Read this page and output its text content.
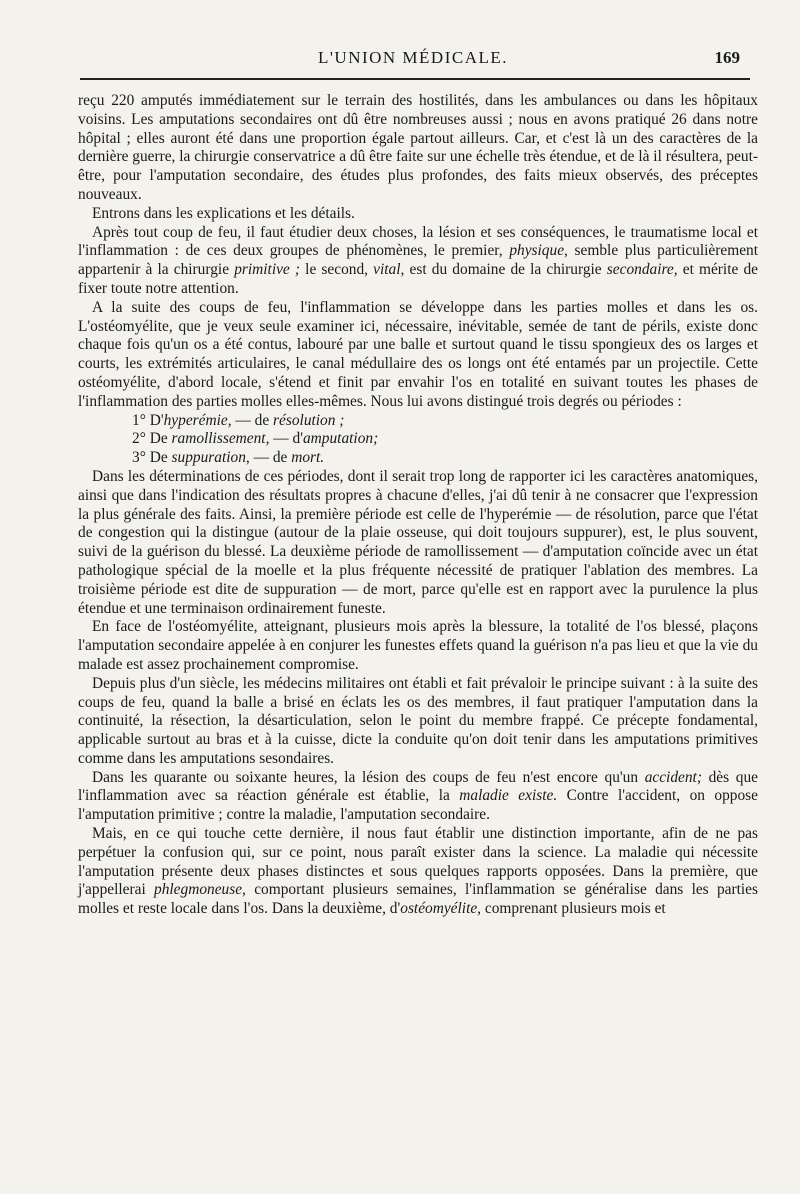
L'UNION MÉDICALE.	169

reçu 220 amputés immédiatement sur le terrain des hostilités, dans les ambulances ou dans les hôpitaux voisins. Les amputations secondaires ont dû être nombreuses aussi ; nous en avons pratiqué 26 dans notre hôpital ; elles auront été dans une proportion égale partout ailleurs. Car, et c'est là un des caractères de la dernière guerre, la chirurgie conservatrice a dû être faite sur une échelle très étendue, et de là il résultera, peut-être, pour l'amputation secondaire, des études plus profondes, des faits mieux observés, des préceptes nouveaux.

Entrons dans les explications et les détails.

Après tout coup de feu, il faut étudier deux choses, la lésion et ses conséquences, le traumatisme local et l'inflammation : de ces deux groupes de phénomènes, le premier, physique, semble plus particulièrement appartenir à la chirurgie primitive ; le second, vital, est du domaine de la chirurgie secondaire, et mérite de fixer toute notre attention.

A la suite des coups de feu, l'inflammation se développe dans les parties molles et dans les os. L'ostéomyélite, que je veux seule examiner ici, nécessaire, inévitable, semée de tant de périls, existe donc chaque fois qu'un os a été contus, labouré par une balle et surtout quand le tissu spongieux des os larges et courts, les extrémités articulaires, le canal médullaire des os longs ont été entamés par un projectile. Cette ostéomyélite, d'abord locale, s'étend et finit par envahir l'os en totalité en suivant toutes les phases de l'inflammation des parties molles elles-mêmes. Nous lui avons distingué trois degrés ou périodes :

1° D'hyperémie, — de résolution ;
2° De ramollissement, — d'amputation;
3° De suppuration, — de mort.

Dans les déterminations de ces périodes, dont il serait trop long de rapporter ici les caractères anatomiques, ainsi que dans l'indication des résultats propres à chacune d'elles, j'ai dû tenir à ne consacrer que l'expression la plus générale des faits. Ainsi, la première période est celle de l'hyperémie — de résolution, parce que l'état de congestion qui la distingue (autour de la plaie osseuse, qui doit toujours suppurer), est, le plus souvent, suivi de la guérison du blessé. La deuxième période de ramollissement — d'amputation coïncide avec un état pathologique spécial de la moelle et la plus fréquente nécessité de pratiquer l'ablation des membres. La troisième période est dite de suppuration — de mort, parce qu'elle est en rapport avec la purulence la plus étendue et une terminaison ordinairement funeste.

En face de l'ostéomyélite, atteignant, plusieurs mois après la blessure, la totalité de l'os blessé, plaçons l'amputation secondaire appelée à en conjurer les funestes effets quand la guérison n'a pas lieu et que la vie du malade est assez prochainement compromise.

Depuis plus d'un siècle, les médecins militaires ont établi et fait prévaloir le principe suivant : à la suite des coups de feu, quand la balle a brisé en éclats les os des membres, il faut pratiquer l'amputation dans la continuité, la résection, la désarticulation, selon le point du membre frappé. Ce précepte fondamental, applicable surtout au bras et à la cuisse, dicte la conduite qu'on doit tenir dans les amputations primitives comme dans les amputations sesondaires.

Dans les quarante ou soixante heures, la lésion des coups de feu n'est encore qu'un accident; dès que l'inflammation avec sa réaction générale est établie, la maladie existe. Contre l'accident, on oppose l'amputation primitive ; contre la maladie, l'amputation secondaire.

Mais, en ce qui touche cette dernière, il nous faut établir une distinction importante, afin de ne pas perpétuer la confusion qui, sur ce point, nous paraît exister dans la science. La maladie qui nécessite l'amputation présente deux phases distinctes et sous quelques rapports opposées. Dans la première, que j'appellerai phlegmoneuse, comportant plusieurs semaines, l'inflammation se généralise dans les parties molles et reste locale dans l'os. Dans la deuxième, d'ostéomyélite, comprenant plusieurs mois et
